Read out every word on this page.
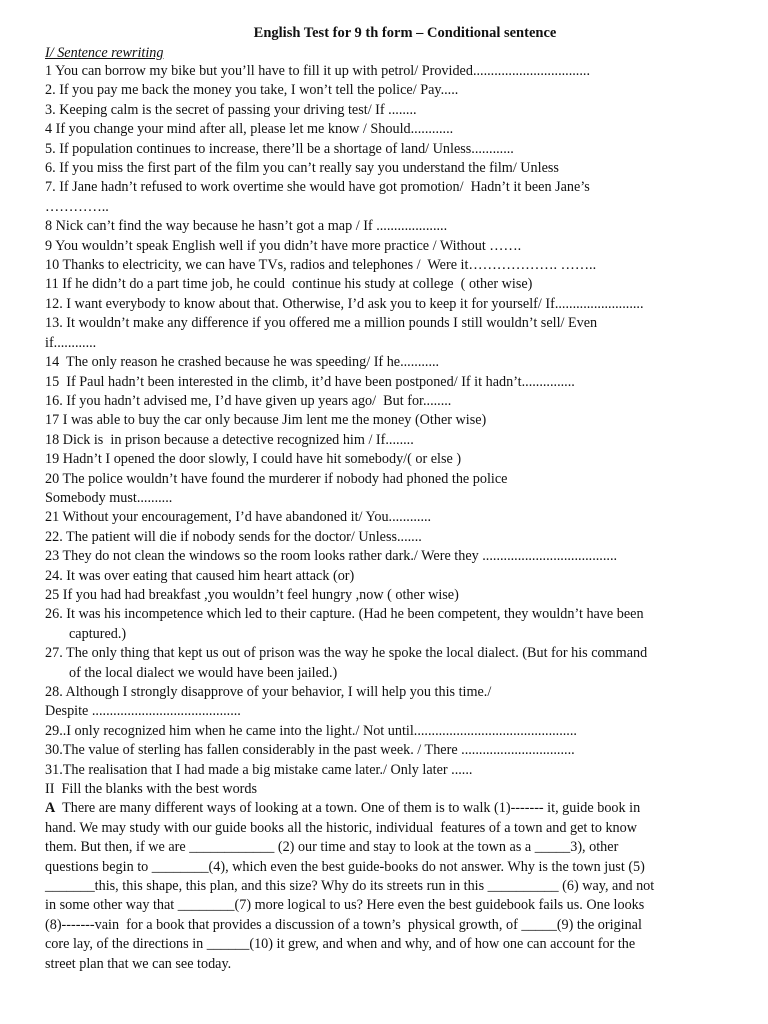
English Test for 9 th form – Conditional sentence
I/ Sentence rewriting
1 You can borrow my bike but you’ll have to fill it up with petrol/ Provided.................................
2. If you pay me back the money you take, I won’t tell the police/ Pay.....
3. Keeping calm is the secret of passing your driving test/ If ........
4 If you change your mind after all, please let me know / Should............
5. If population continues to increase, there’ll be a shortage of land/ Unless............
6. If you miss the first part of the film you can’t really say you understand the film/ Unless
7. If Jane hadn’t refused to work overtime she would have got promotion/  Hadn’t it been Jane’s
…………..
8 Nick can’t find the way because he hasn’t got a map / If ....................
9 You wouldn’t speak English well if you didn’t have more practice / Without …….
10 Thanks to electricity, we can have TVs, radios and telephones /  Were it………………. ……..
11 If he didn’t do a part time job, he could  continue his study at college  ( other wise)
12. I want everybody to know about that. Otherwise, I’d ask you to keep it for yourself/ If.........................
13. It wouldn’t make any difference if you offered me a million pounds I still wouldn’t sell/ Even
if............
14  The only reason he crashed because he was speeding/ If he...........
15  If Paul hadn’t been interested in the climb, it’d have been postponed/ If it hadn’t...............
16. If you hadn’t advised me, I’d have given up years ago/  But for........
17 I was able to buy the car only because Jim lent me the money (Other wise)
18 Dick is  in prison because a detective recognized him / If........
19 Hadn’t I opened the door slowly, I could have hit somebody/( or else )
20 The police wouldn’t have found the murderer if nobody had phoned the police
Somebody must..........
21 Without your encouragement, I’d have abandoned it/ You............
22. The patient will die if nobody sends for the doctor/ Unless.......
23 They do not clean the windows so the room looks rather dark./ Were they ......................................
24. It was over eating that caused him heart attack (or)
25 If you had had breakfast ,you wouldn’t feel hungry ,now ( other wise)
26. It was his incompetence which led to their capture. (Had he been competent, they wouldn’t have been
captured.)
27. The only thing that kept us out of prison was the way he spoke the local dialect. (But for his command
of the local dialect we would have been jailed.)
28. Although I strongly disapprove of your behavior, I will help you this time./
Despite ..........................................
29..I only recognized him when he came into the light./ Not until..............................................
30.The value of sterling has fallen considerably in the past week. / There ................................
31.The realisation that I had made a big mistake came later./ Only later ......
II  Fill the blanks with the best words
A  There are many different ways of looking at a town. One of them is to walk (1)------- it, guide book in
hand. We may study with our guide books all the historic, individual  features of a town and get to know
them. But then, if we are ____________ (2) our time and stay to look at the town as a _____3), other
questions begin to ________(4), which even the best guide-books do not answer. Why is the town just (5)
_______this, this shape, this plan, and this size? Why do its streets run in this __________ (6) way, and not
in some other way that ________(7) more logical to us? Here even the best guidebook fails us. One looks
(8)-------vain  for a book that provides a discussion of a town’s  physical growth, of _____(9) the original
core lay, of the directions in ______(10) it grew, and when and why, and of how one can account for the
street plan that we can see today.
